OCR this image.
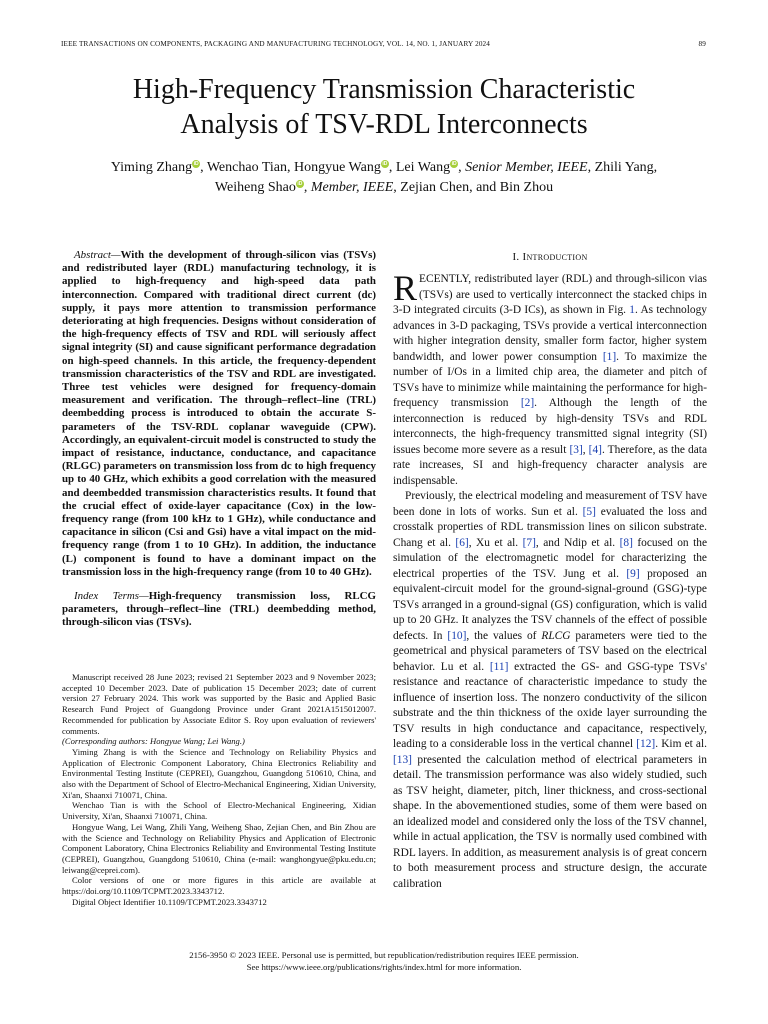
IEEE TRANSACTIONS ON COMPONENTS, PACKAGING AND MANUFACTURING TECHNOLOGY, VOL. 14, NO. 1, JANUARY 2024	89
High-Frequency Transmission Characteristic
Analysis of TSV-RDL Interconnects
Yiming Zhang iD , Wenchao Tian, Hongyue Wang iD , Lei Wang iD , Senior Member, IEEE, Zhili Yang,
Weiheng Shao iD , Member, IEEE, Zejian Chen, and Bin Zhou
Abstract—With the development of through-silicon vias (TSVs) and redistributed layer (RDL) manufacturing technology, it is applied to high-frequency and high-speed data path interconnection. Compared with traditional direct current (dc) supply, it pays more attention to transmission performance deteriorating at high frequencies. Designs without consideration of the high-frequency effects of TSV and RDL will seriously affect signal integrity (SI) and cause significant performance degradation on high-speed channels. In this article, the frequency-dependent transmission characteristics of the TSV and RDL are investigated. Three test vehicles were designed for frequency-domain measurement and verification. The through–reflect–line (TRL) deembedding process is introduced to obtain the accurate S-parameters of the TSV-RDL coplanar waveguide (CPW). Accordingly, an equivalent-circuit model is constructed to study the impact of resistance, inductance, conductance, and capacitance (RLGC) parameters on transmission loss from dc to high frequency up to 40 GHz, which exhibits a good correlation with the measured and deembedded transmission characteristics results. It found that the crucial effect of oxide-layer capacitance (Cox) in the low-frequency range (from 100 kHz to 1 GHz), while conductance and capacitance in silicon (Csi and Gsi) have a vital impact on the mid-frequency range (from 1 to 10 GHz). In addition, the inductance (L) component is found to have a dominant impact on the transmission loss in the high-frequency range (from 10 to 40 GHz).
Index Terms—High-frequency transmission loss, RLCG parameters, through–reflect–line (TRL) deembedding method, through-silicon vias (TSVs).

Manuscript received 28 June 2023; revised 21 September 2023 and 9 November 2023; accepted 10 December 2023. Date of publication 15 December 2023; date of current version 27 February 2024. This work was supported by the Basic and Applied Basic Research Fund Project of Guangdong Province under Grant 2021A1515012007. Recommended for publication by Associate Editor S. Roy upon evaluation of reviewers' comments.

(Corresponding authors: Hongyue Wang; Lei Wang.)

Yiming Zhang is with the Science and Technology on Reliability Physics and Application of Electronic Component Laboratory, China Electronics Reliability and Environmental Testing Institute (CEPREI), Guangzhou, Guangdong 510610, China, and also with the Department of School of Electro-Mechanical Engineering, Xidian University, Xi'an, Shaanxi 710071, China.

Wenchao Tian is with the School of Electro-Mechanical Engineering, Xidian University, Xi'an, Shaanxi 710071, China.

Hongyue Wang, Lei Wang, Zhili Yang, Weiheng Shao, Zejian Chen, and Bin Zhou are with the Science and Technology on Reliability Physics and Application of Electronic Component Laboratory, China Electronics Reliability and Environmental Testing Institute (CEPREI), Guangzhou, Guangdong 510610, China (e-mail: wanghongyue@pku.edu.cn; leiwang@ceprei.com).

Color versions of one or more figures in this article are available at https://doi.org/10.1109/TCPMT.2023.3343712.

Digital Object Identifier 10.1109/TCPMT.2023.3343712

I. Introduction

RECENTLY, redistributed layer (RDL) and through-silicon vias (TSVs) are used to vertically interconnect the stacked chips in 3-D integrated circuits (3-D ICs), as shown in Fig. 1. As technology advances in 3-D packaging, TSVs provide a vertical interconnection with higher integration density, smaller form factor, higher system bandwidth, and lower power consumption [1]. To maximize the number of I/Os in a limited chip area, the diameter and pitch of TSVs have to minimize while maintaining the performance for high-frequency transmission [2]. Although the length of the interconnection is reduced by high-density TSVs and RDL interconnects, the high-frequency transmitted signal integrity (SI) issues become more severe as a result [3], [4]. Therefore, as the data rate increases, SI and high-frequency character analysis are indispensable.

Previously, the electrical modeling and measurement of TSV have been done in lots of works. Sun et al. [5] evaluated the loss and crosstalk properties of RDL transmission lines on silicon substrate. Chang et al. [6], Xu et al. [7], and Ndip et al. [8] focused on the simulation of the electromagnetic model for characterizing the electrical properties of the TSV. Jung et al. [9] proposed an equivalent-circuit model for the ground-signal-ground (GSG)-type TSVs arranged in a ground-signal (GS) configuration, which is valid up to 20 GHz. It analyzes the TSV channels of the effect of possible defects. In [10], the values of RLCG parameters were tied to the geometrical and physical parameters of TSV based on the electrical behavior. Lu et al. [11] extracted the GS- and GSG-type TSVs' resistance and reactance of characteristic impedance to study the influence of insertion loss. The nonzero conductivity of the silicon substrate and the thin thickness of the oxide layer surrounding the TSV results in high conductance and capacitance, respectively, leading to a considerable loss in the vertical channel [12]. Kim et al. [13] presented the calculation method of electrical parameters in detail. The transmission performance was also widely studied, such as TSV height, diameter, pitch, liner thickness, and cross-sectional shape. In the abovementioned studies, some of them were based on an idealized model and considered only the loss of the TSV channel, while in actual application, the TSV is normally used combined with RDL layers. In addition, as measurement analysis is of great concern to both measurement process and structure design, the accurate calibration

2156-3950 © 2023 IEEE. Personal use is permitted, but republication/redistribution requires IEEE permission.
See https://www.ieee.org/publications/rights/index.html for more information.
